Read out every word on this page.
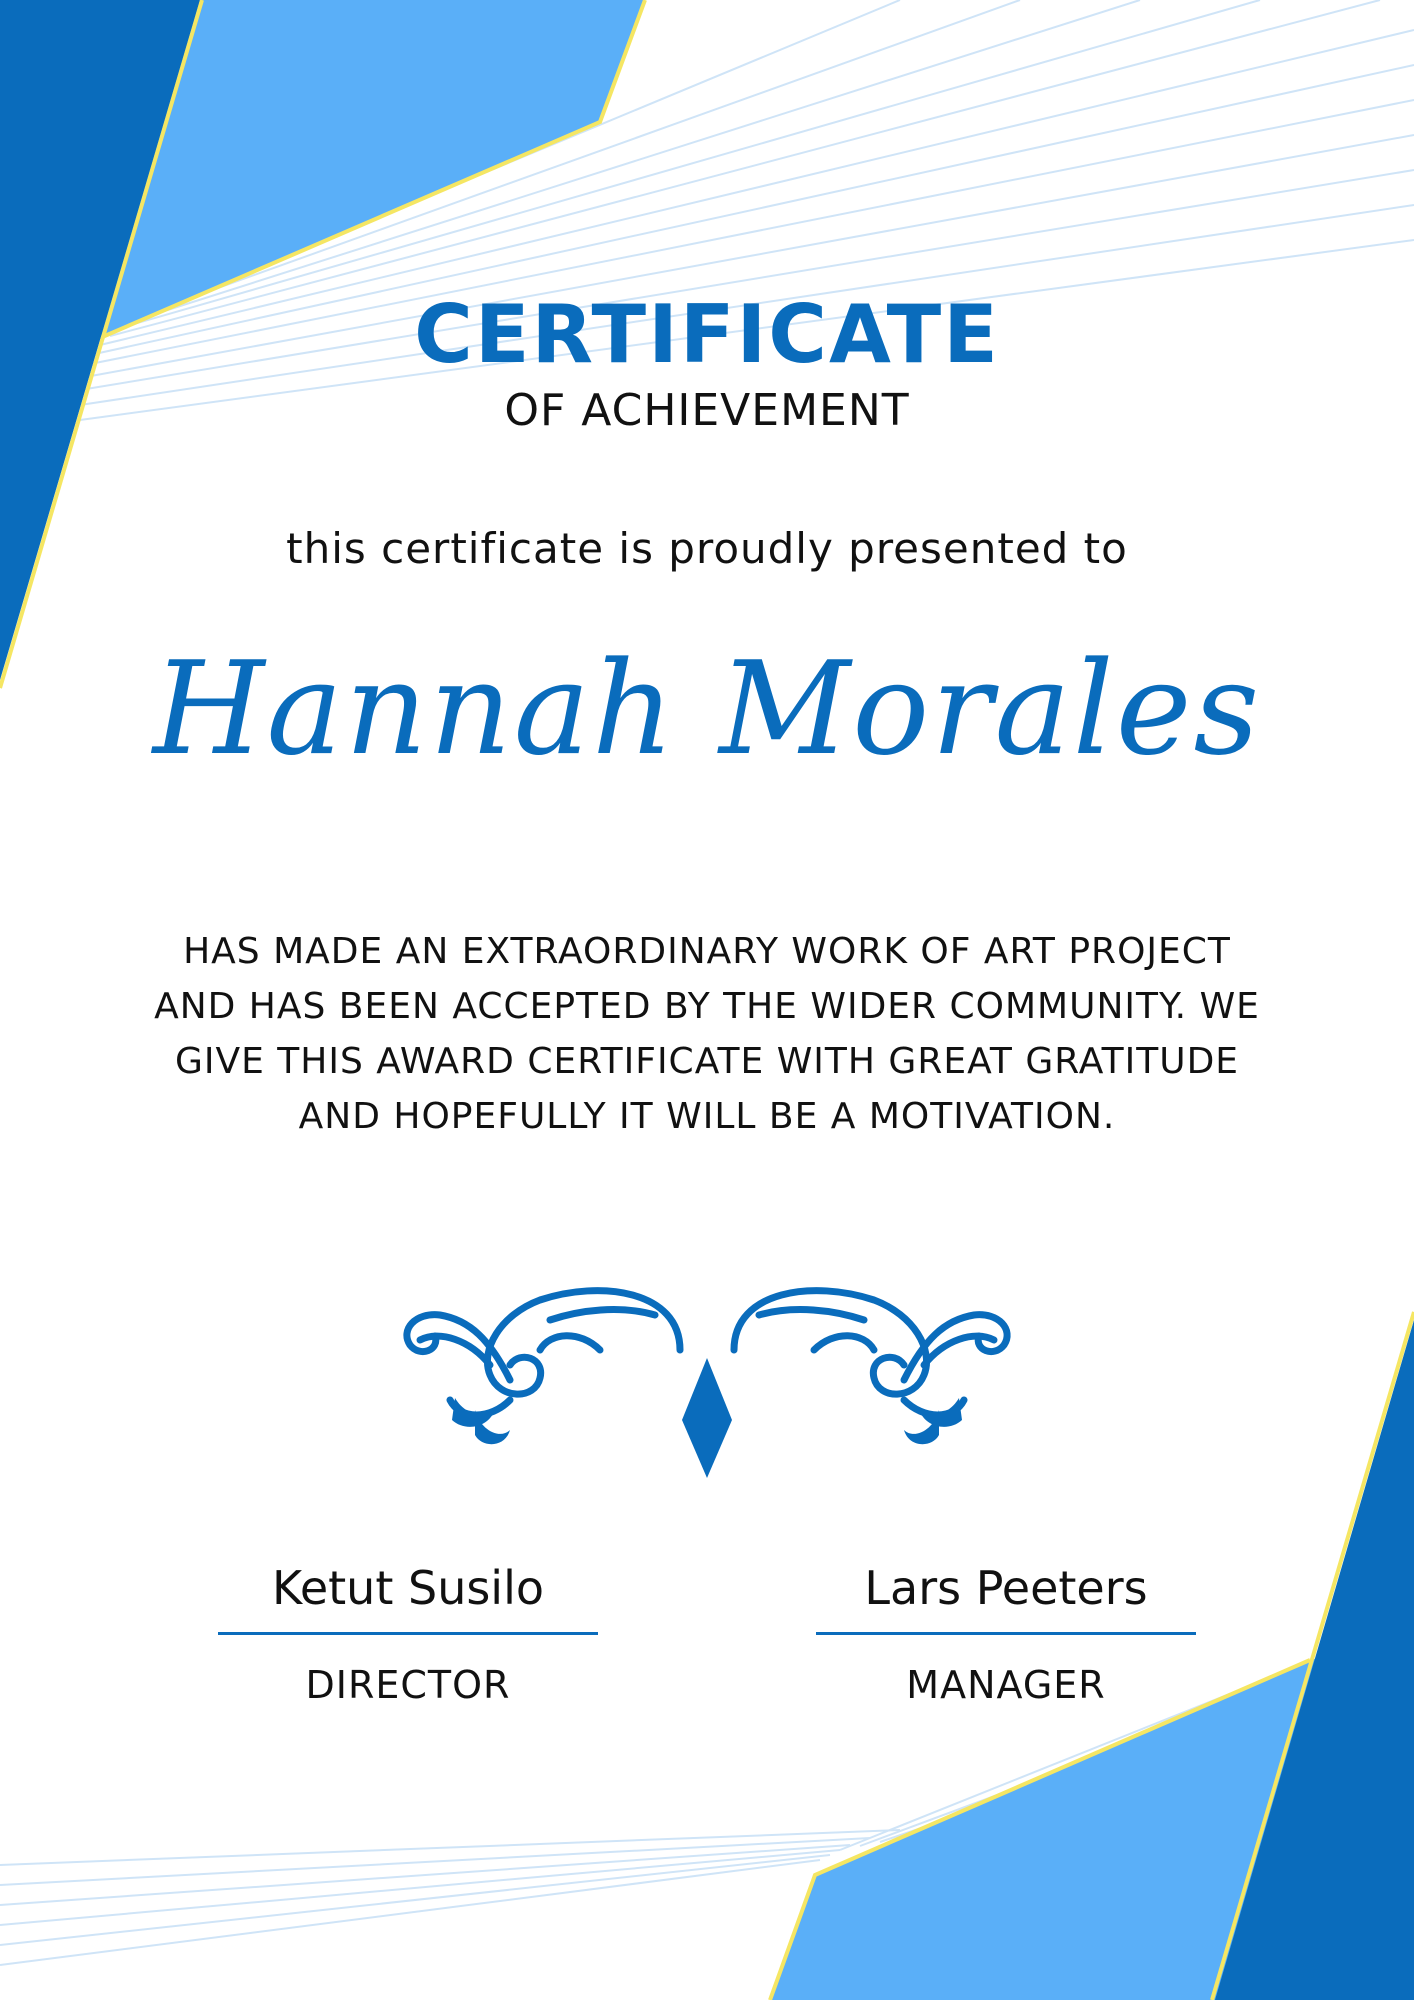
CERTIFICATE
OF ACHIEVEMENT
this certificate is proudly presented to
Hannah Morales
HAS MADE AN EXTRAORDINARY WORK OF ART PROJECT AND HAS BEEN ACCEPTED BY THE WIDER COMMUNITY. WE GIVE THIS AWARD CERTIFICATE WITH GREAT GRATITUDE AND HOPEFULLY IT WILL BE A MOTIVATION.
Ketut Susilo
DIRECTOR
Lars Peeters
MANAGER
